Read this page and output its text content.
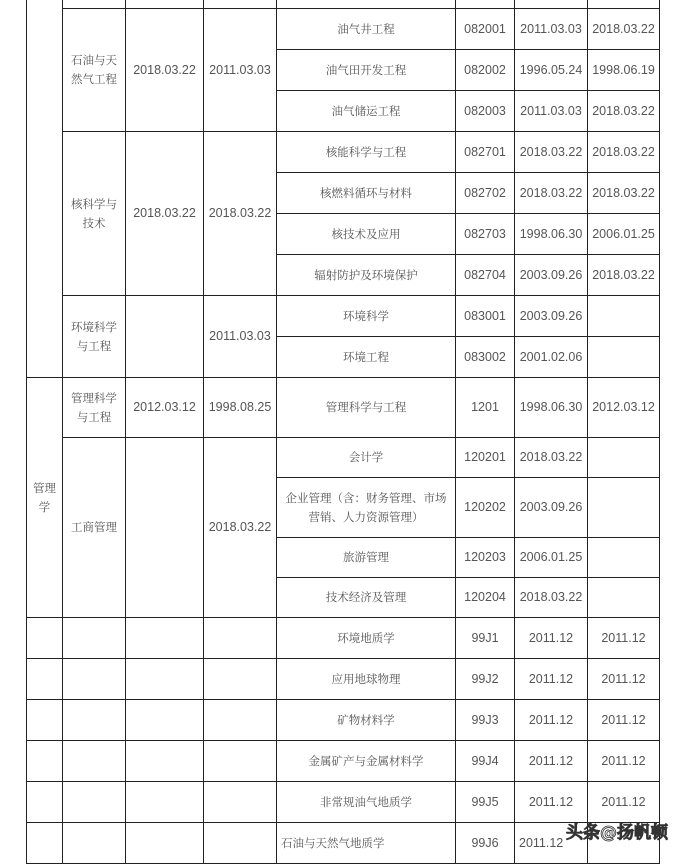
	石油与天然气工程	2018.03.22	2011.03.03	油气井工程	082001	2011.03.03	2018.03.22
				油气田开发工程	082002	1996.05.24	1998.06.19
				油气储运工程	082003	2011.03.03	2018.03.22
	核科学与技术	2018.03.22	2018.03.22	核能科学与工程	082701	2018.03.22	2018.03.22
				核燃料循环与材料	082702	2018.03.22	2018.03.22
				核技术及应用	082703	1998.06.30	2006.01.25
				辐射防护及环境保护	082704	2003.09.26	2018.03.22
	环境科学与工程		2011.03.03	环境科学	083001	2003.09.26	
				环境工程	083002	2001.02.06	
管理学	管理科学与工程	2012.03.12	1998.08.25	管理科学与工程	1201	1998.06.30	2012.03.12
	工商管理		2018.03.22	会计学	120201	2018.03.22	
				企业管理（含：财务管理、市场营销、人力资源管理）	120202	2003.09.26	
				旅游管理	120203	2006.01.25	
				技术经济及管理	120204	2018.03.22	
				环境地质学	99J1	2011.12	2011.12
				应用地球物理	99J2	2011.12	2011.12
				矿物材料学	99J3	2011.12	2011.12
				金属矿产与金属材料学	99J4	2011.12	2011.12
				非常规油气地质学	99J5	2011.12	2011.12
				石油与天然气地质学	99J6	2011.12	头条@扬帆顿
